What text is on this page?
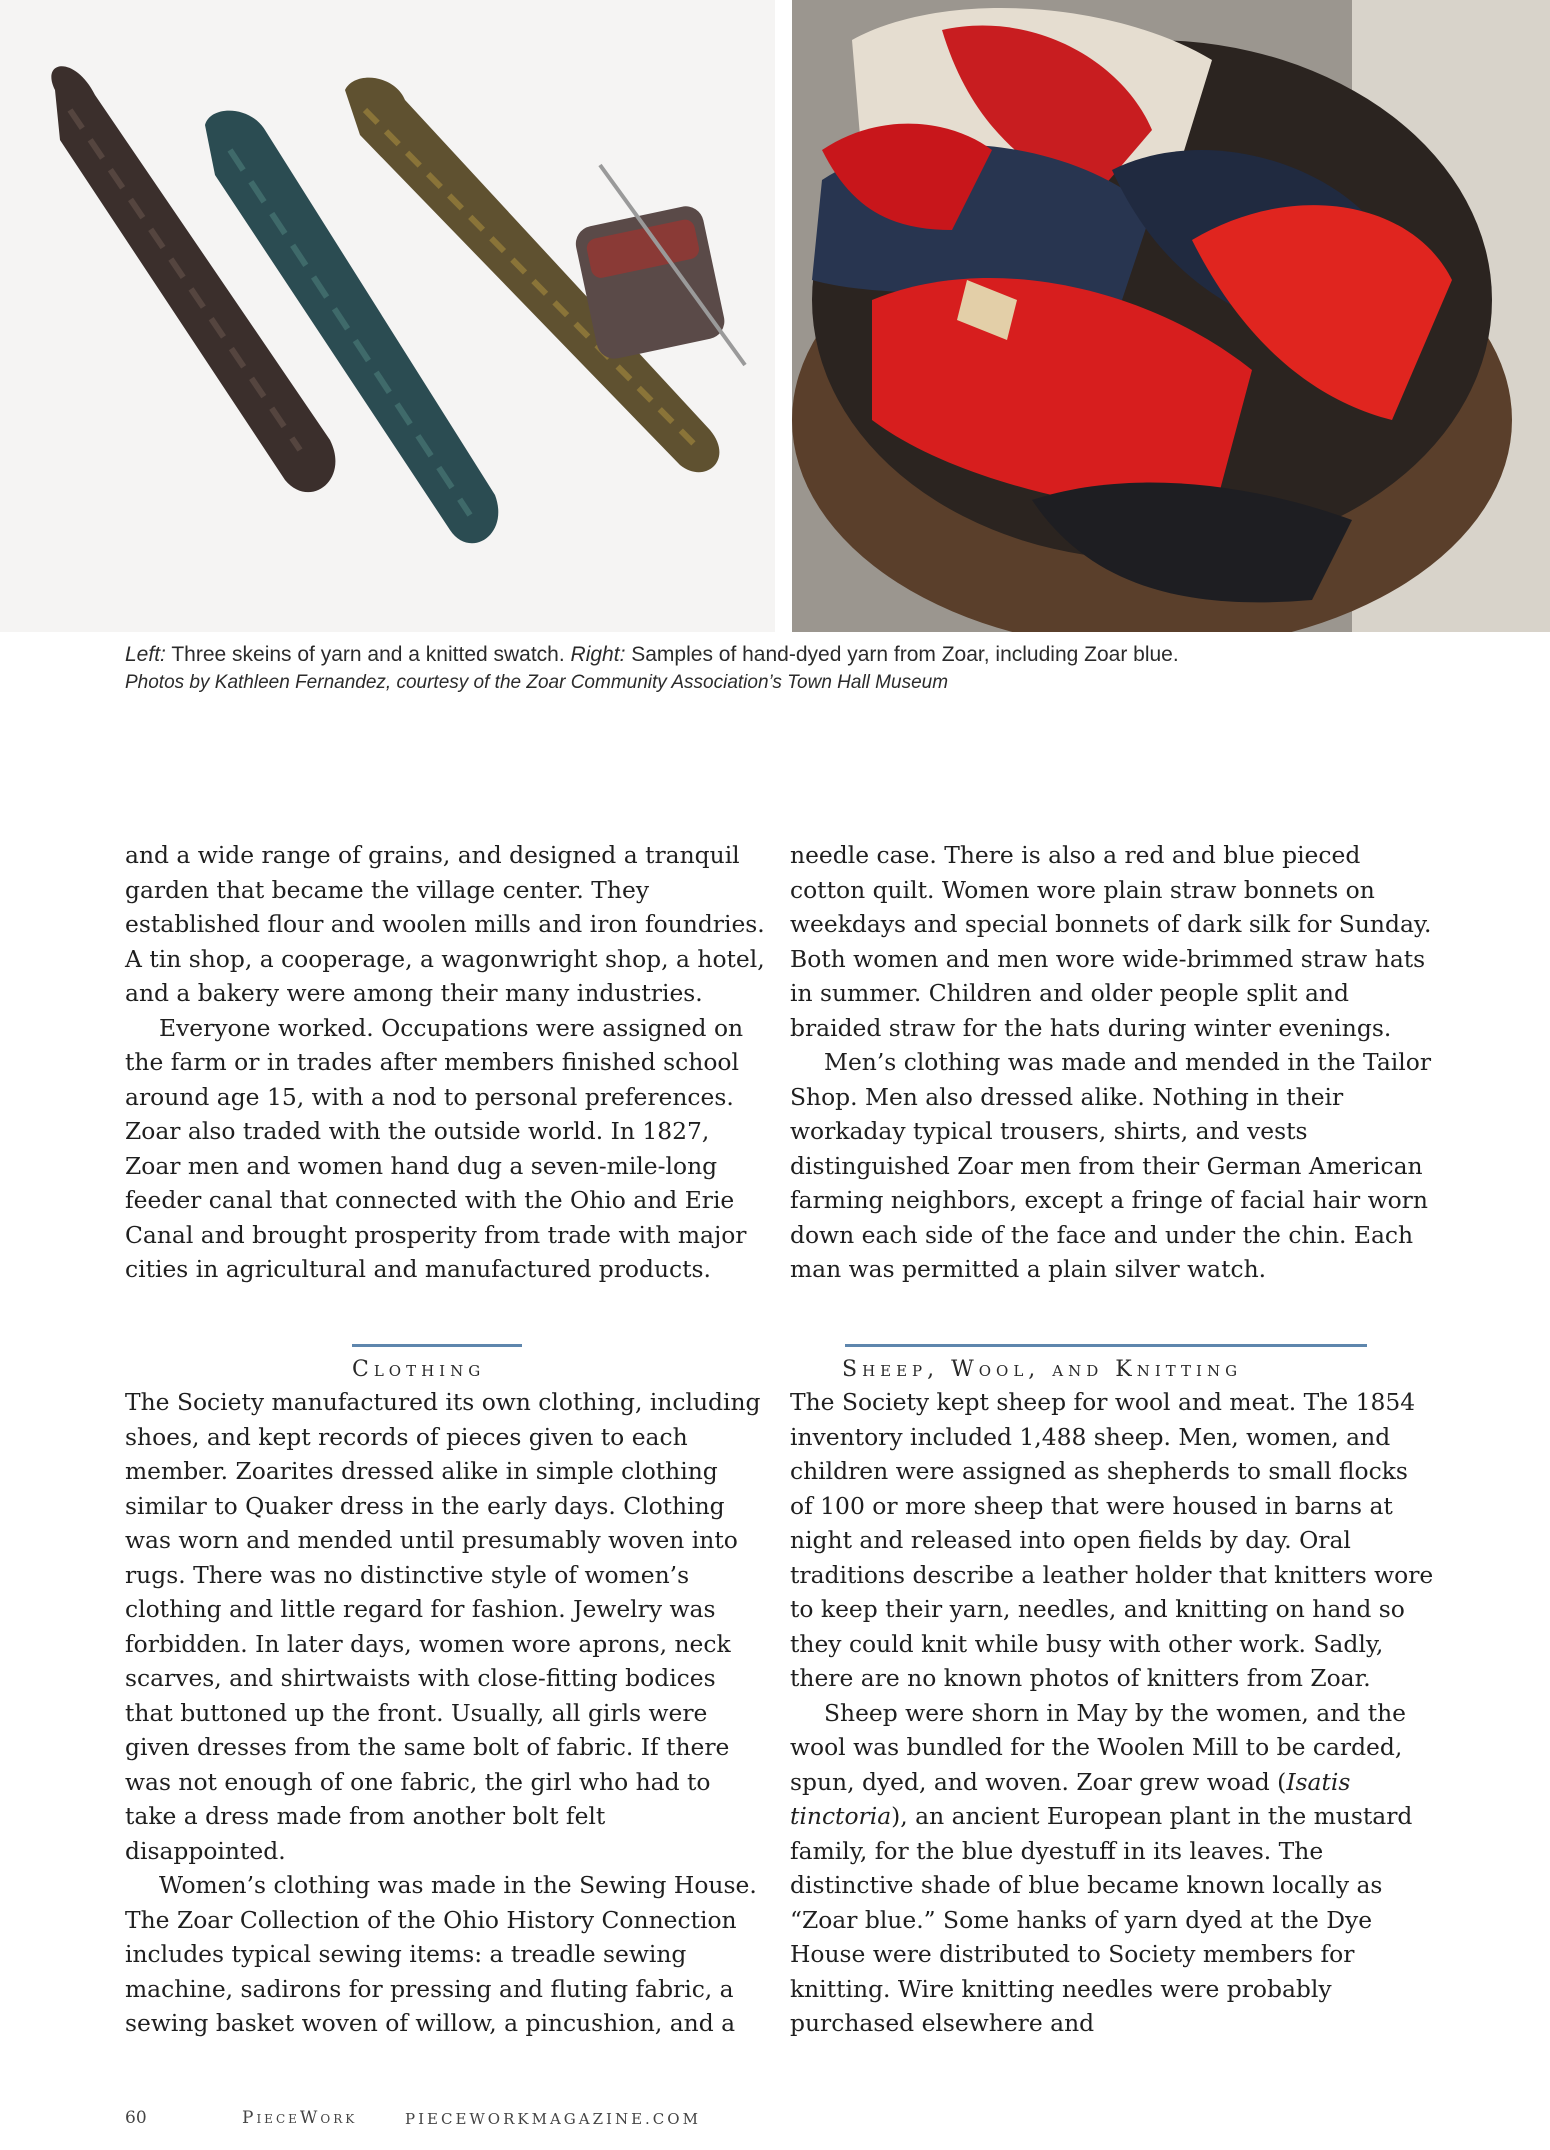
Left: Three skeins of yarn and a knitted swatch. Right: Samples of hand-dyed yarn from Zoar, including Zoar blue.
Photos by Kathleen Fernandez, courtesy of the Zoar Community Association’s Town Hall Museum

and a wide range of grains, and designed a tranquil garden that became the village center. They established flour and woolen mills and iron foundries. A tin shop, a cooperage, a wagonwright shop, a hotel, and a bakery were among their many industries.

Everyone worked. Occupations were assigned on the farm or in trades after members finished school around age 15, with a nod to personal preferences. Zoar also traded with the outside world. In 1827, Zoar men and women hand dug a seven-mile-long feeder canal that connected with the Ohio and Erie Canal and brought prosperity from trade with major cities in agricultural and manufactured products.

needle case. There is also a red and blue pieced cotton quilt. Women wore plain straw bonnets on weekdays and special bonnets of dark silk for Sunday. Both women and men wore wide-brimmed straw hats in summer. Children and older people split and braided straw for the hats during winter evenings.

Men’s clothing was made and mended in the Tailor Shop. Men also dressed alike. Nothing in their workaday typical trousers, shirts, and vests distinguished Zoar men from their German American farming neighbors, except a fringe of facial hair worn down each side of the face and under the chin. Each man was permitted a plain silver watch.

Clothing	Sheep, Wool, and Knitting

The Society manufactured its own clothing, including shoes, and kept records of pieces given to each member. Zoarites dressed alike in simple clothing similar to Quaker dress in the early days. Clothing was worn and mended until presumably woven into rugs. There was no distinctive style of women’s clothing and little regard for fashion. Jewelry was forbidden. In later days, women wore aprons, neck scarves, and shirtwaists with close-fitting bodices that buttoned up the front. Usually, all girls were given dresses from the same bolt of fabric. If there was not enough of one fabric, the girl who had to take a dress made from another bolt felt disappointed.

Women’s clothing was made in the Sewing House. The Zoar Collection of the Ohio History Connection includes typical sewing items: a treadle sewing machine, sadirons for pressing and fluting fabric, a sewing basket woven of willow, a pincushion, and a

The Society kept sheep for wool and meat. The 1854 inventory included 1,488 sheep. Men, women, and children were assigned as shepherds to small flocks of 100 or more sheep that were housed in barns at night and released into open fields by day. Oral traditions describe a leather holder that knitters wore to keep their yarn, needles, and knitting on hand so they could knit while busy with other work. Sadly, there are no known photos of knitters from Zoar.

Sheep were shorn in May by the women, and the wool was bundled for the Woolen Mill to be carded, spun, dyed, and woven. Zoar grew woad (Isatis tinctoria), an ancient European plant in the mustard family, for the blue dyestuff in its leaves. The distinctive shade of blue became known locally as “Zoar blue.” Some hanks of yarn dyed at the Dye House were distributed to Society members for knitting. Wire knitting needles were probably purchased elsewhere and

60	PieceWork	PIECEWORKMAGAZINE.COM
